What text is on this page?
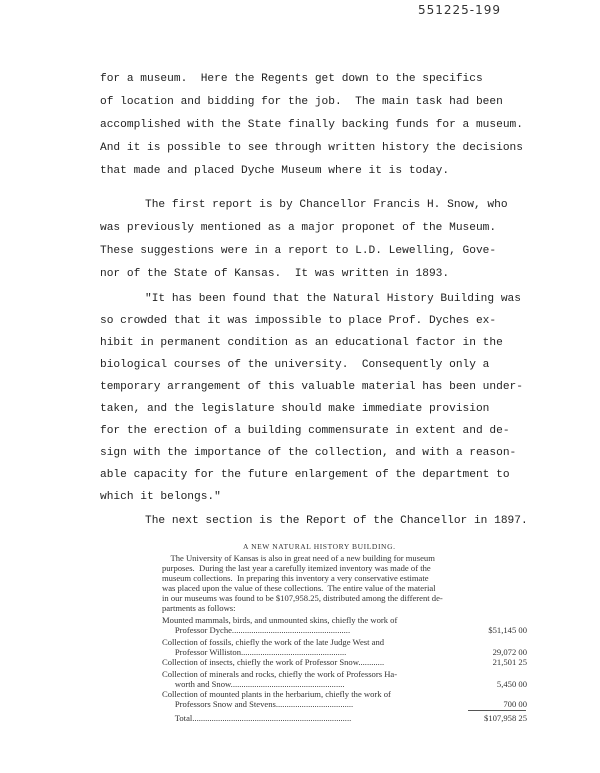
551225-199
for a museum.  Here the Regents get down to the specifics
of location and bidding for the job.  The main task had been
accomplished with the State finally backing funds for a museum.
And it is possible to see through written history the decisions
that made and placed Dyche Museum where it is today.
The first report is by Chancellor Francis H. Snow, who
was previously mentioned as a major proponet of the Museum.
These suggestions were in a report to L.D. Lewelling, Gove-
nor of the State of Kansas.  It was written in 1893.
"It has been found that the Natural History Building was
so crowded that it was impossible to place Prof. Dyches ex-
hibit in permanent condition as an educational factor in the
biological courses of the university.  Consequently only a
temporary arrangement of this valuable material has been under-
taken, and the legislature should make immediate provision
for the erection of a building commensurate in extent and de-
sign with the importance of the collection, and with a reason-
able capacity for the future enlargement of the department to
which it belongs."
The next section is the Report of the Chancellor in 1897.
A NEW NATURAL HISTORY BUILDING.
The University of Kansas is also in great need of a new building for museum
purposes.  During the last year a carefully itemized inventory was made of the
museum collections.  In preparing this inventory a very conservative estimate
was placed upon the value of these collections.  The entire value of the material
in our museums was found to be $107,958.25, distributed among the different de-
partments as follows:
Mounted mammals, birds, and unmounted skins, chiefly the work of
Professor Dyche.......................................................	$51,145 00
Collection of fossils, chiefly the work of the late Judge West and
Professor Williston.................................................	29,072 00
Collection of insects, chiefly the work of Professor Snow............	21,501 25
Collection of minerals and rocks, chiefly the work of Professors Ha-
worth and Snow.....................................................	5,450 00
Collection of mounted plants in the herbarium, chiefly the work of
Professors Snow and Stevens....................................	700 00
Total..........................................................................	$107,958 25
